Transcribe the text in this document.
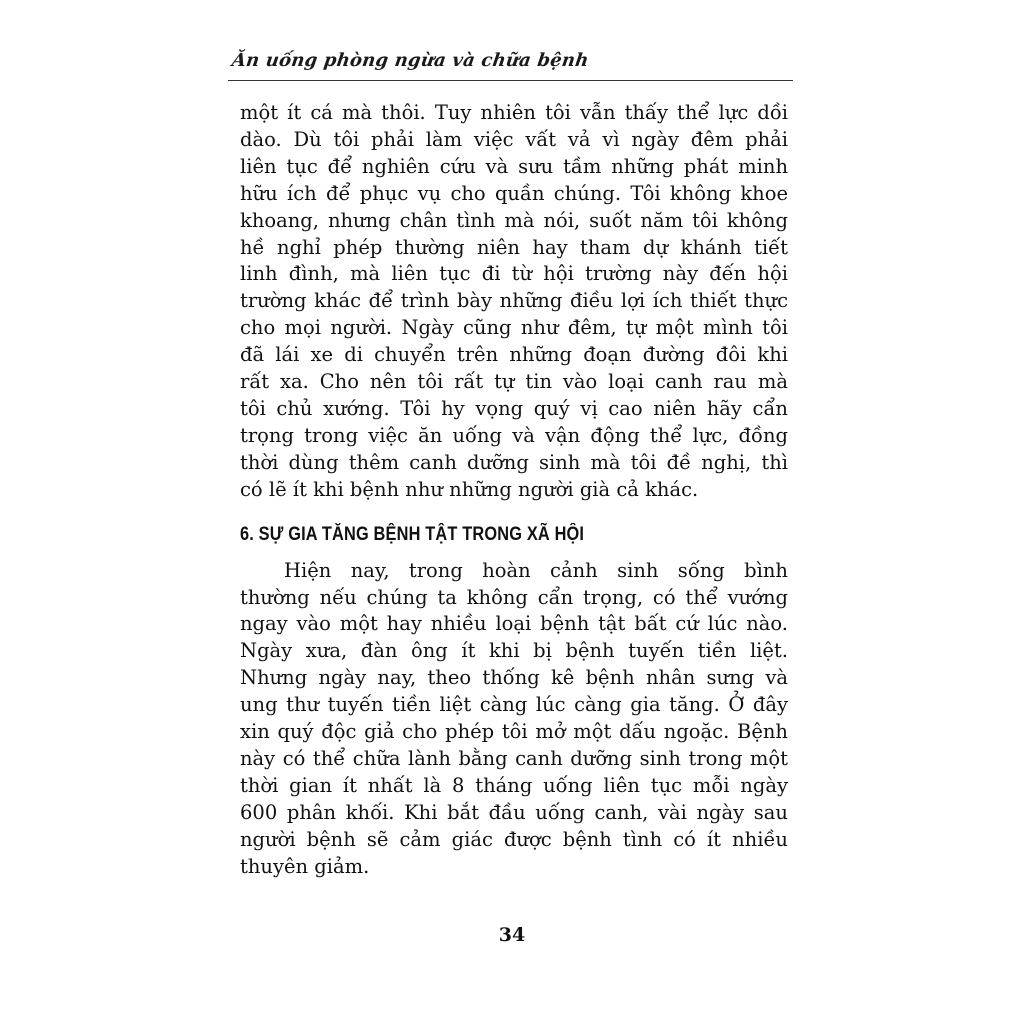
Ăn uống phòng ngừa và chữa bệnh
một ít cá mà thôi. Tuy nhiên tôi vẫn thấy thể lực dồi
dào. Dù tôi phải làm việc vất vả vì ngày đêm phải
liên tục để nghiên cứu và sưu tầm những phát minh
hữu ích để phục vụ cho quần chúng. Tôi không khoe
khoang, nhưng chân tình mà nói, suốt năm tôi không
hề nghỉ phép thường niên hay tham dự khánh tiết
linh đình, mà liên tục đi từ hội trường này đến hội
trường khác để trình bày những điều lợi ích thiết thực
cho mọi người. Ngày cũng như đêm, tự một mình tôi
đã lái xe di chuyển trên những đoạn đường đôi khi
rất xa. Cho nên tôi rất tự tin vào loại canh rau mà
tôi chủ xướng. Tôi hy vọng quý vị cao niên hãy cẩn
trọng trong việc ăn uống và vận động thể lực, đồng
thời dùng thêm canh dưỡng sinh mà tôi đề nghị, thì
có lẽ ít khi bệnh như những người già cả khác.
6. SỰ GIA TĂNG BỆNH TẬT TRONG XÃ HỘI
Hiện nay, trong hoàn cảnh sinh sống bình
thường nếu chúng ta không cẩn trọng, có thể vướng
ngay vào một hay nhiều loại bệnh tật bất cứ lúc nào.
Ngày xưa, đàn ông ít khi bị bệnh tuyến tiền liệt.
Nhưng ngày nay, theo thống kê bệnh nhân sưng và
ung thư tuyến tiền liệt càng lúc càng gia tăng. Ở đây
xin quý độc giả cho phép tôi mở một dấu ngoặc. Bệnh
này có thể chữa lành bằng canh dưỡng sinh trong một
thời gian ít nhất là 8 tháng uống liên tục mỗi ngày
600 phân khối. Khi bắt đầu uống canh, vài ngày sau
người bệnh sẽ cảm giác được bệnh tình có ít nhiều
thuyên giảm.
34
